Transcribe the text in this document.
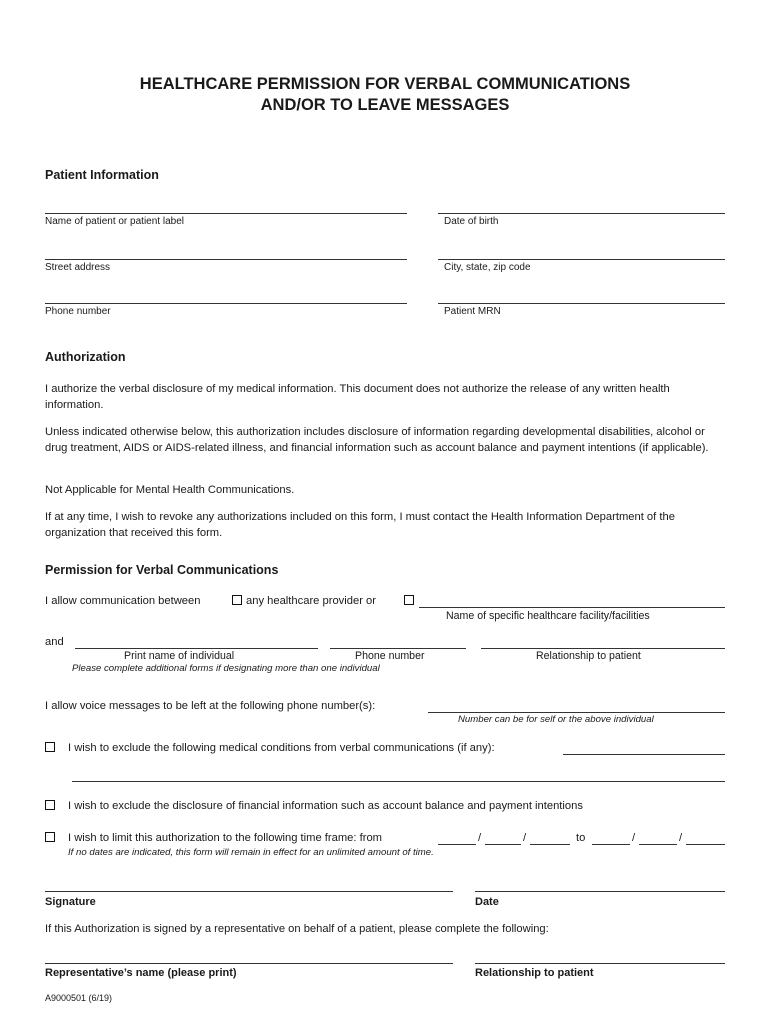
HEALTHCARE PERMISSION FOR VERBAL COMMUNICATIONS
AND/OR TO LEAVE MESSAGES
Patient Information
Name of patient or patient label	Date of birth
Street address	City, state, zip code
Phone number	Patient MRN
Authorization
I authorize the verbal disclosure of my medical information. This document does not authorize the release of any written health information.
Unless indicated otherwise below, this authorization includes disclosure of information regarding developmental disabilities, alcohol or drug treatment, AIDS or AIDS-related illness, and financial information such as account balance and payment intentions (if applicable).
Not Applicable for Mental Health Communications.
If at any time, I wish to revoke any authorizations included on this form, I must contact the Health Information Department of the organization that received this form.
Permission for Verbal Communications
I allow communication between	any healthcare provider or
Name of specific healthcare facility/facilities
and
Print name of individual	Phone number	Relationship to patient
Please complete additional forms if designating more than one individual
I allow voice messages to be left at the following phone number(s):
Number can be for self or the above individual
I wish to exclude the following medical conditions from verbal communications (if any):
I wish to exclude the disclosure of financial information such as account balance and payment intentions
I wish to limit this authorization to the following time frame: from	/	/	to	/	/
If no dates are indicated, this form will remain in effect for an unlimited amount of time.
Signature	Date
If this Authorization is signed by a representative on behalf of a patient, please complete the following:
Representative’s name (please print)	Relationship to patient
A9000501 (6/19)
